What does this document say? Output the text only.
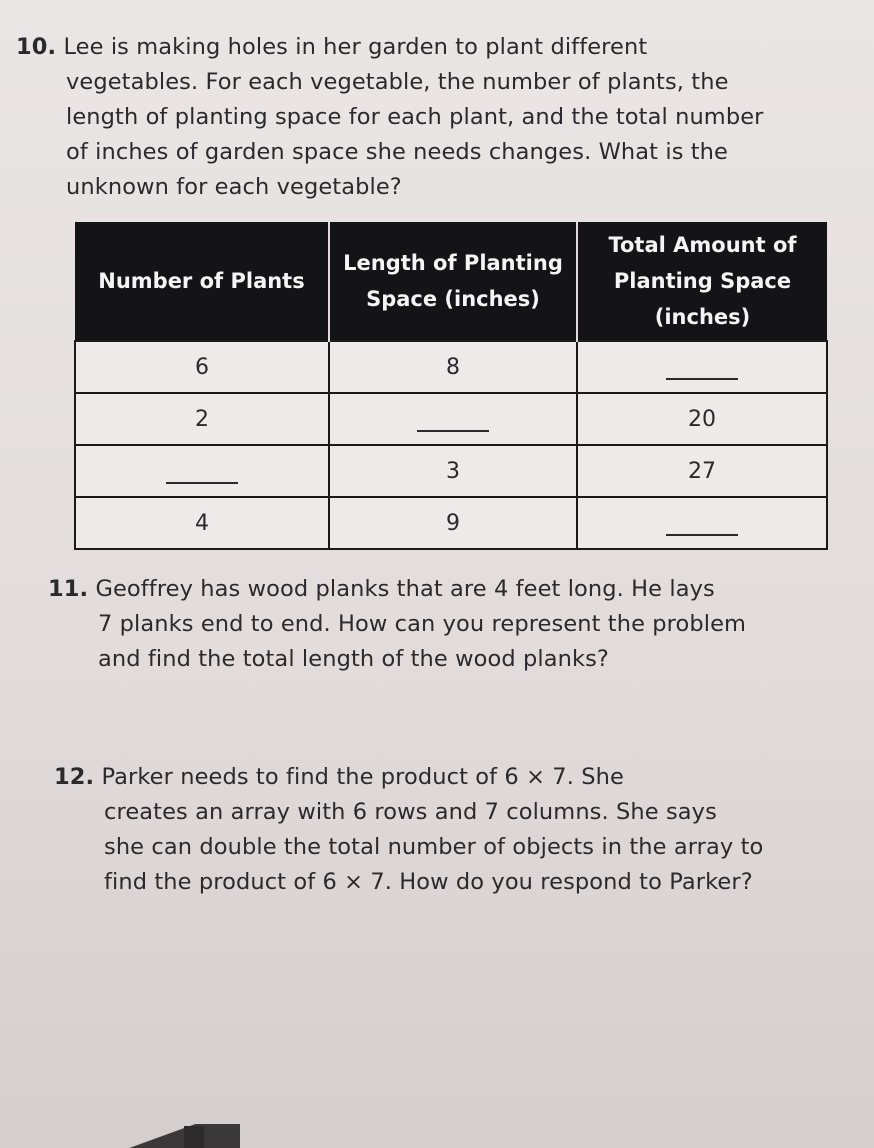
10. Lee is making holes in her garden to plant different
vegetables. For each vegetable, the number of plants, the
length of planting space for each plant, and the total number
of inches of garden space she needs changes. What is the
unknown for each vegetable?
Number of Plants	Length of Planting Space (inches)	Total Amount of Planting Space (inches)
6	8	
2		20
	3	27
4	9	
11. Geoffrey has wood planks that are 4 feet long. He lays
7 planks end to end. How can you represent the problem
and find the total length of the wood planks?
12. Parker needs to find the product of 6 × 7. She
creates an array with 6 rows and 7 columns. She says
she can double the total number of objects in the array to
find the product of 6 × 7. How do you respond to Parker?
